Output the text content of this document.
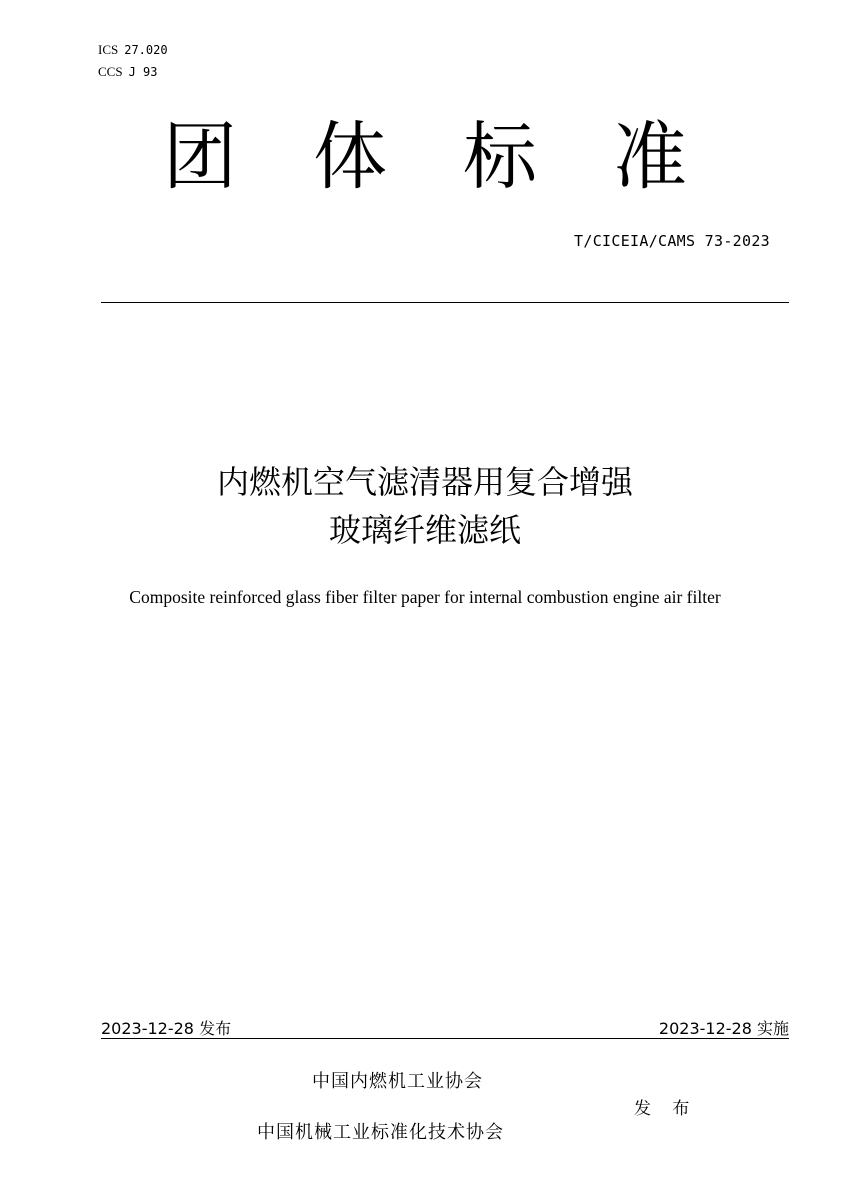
ICS 27.020
CCS J 93
团	体	标	准
T/CICEIA/CAMS 73-2023
内燃机空气滤清器用复合增强
玻璃纤维滤纸
Composite reinforced glass fiber filter paper for internal combustion engine air filter
2023-12-28 发布	2023-12-28 实施
中国内燃机工业协会
发 布
中国机械工业标准化技术协会
